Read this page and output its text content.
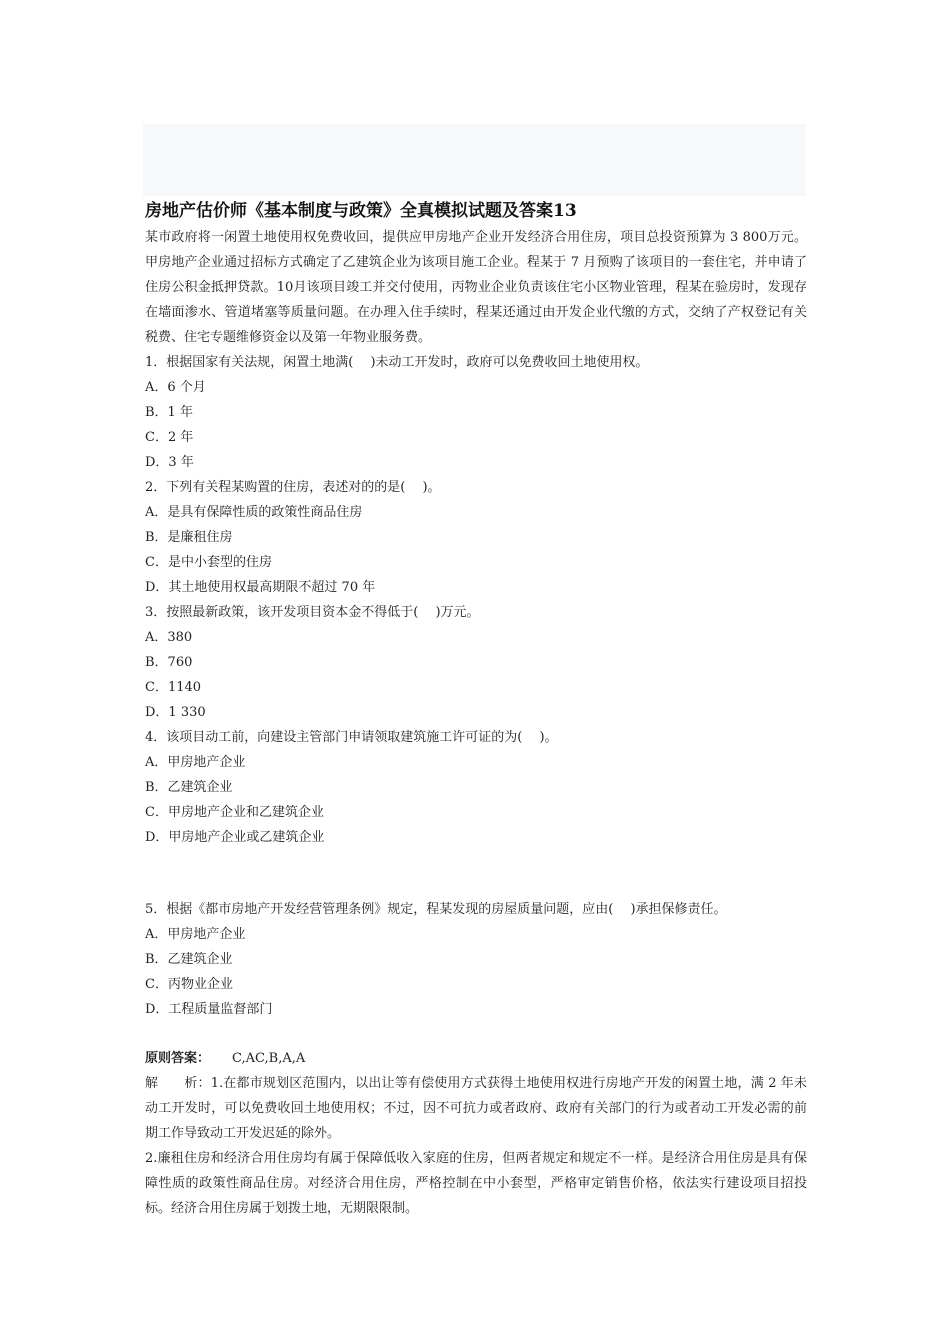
房地产估价师《基本制度与政策》全真模拟试题及答案13

某市政府将一闲置土地使用权免费收回，提供应甲房地产企业开发经济合用住房，项目总投资预算为 3 800万元。甲房地产企业通过招标方式确定了乙建筑企业为该项目施工企业。程某于 7 月预购了该项目的一套住宅，并申请了住房公积金抵押贷款。10月该项目竣工并交付使用，丙物业企业负责该住宅小区物业管理，程某在验房时，发现存在墙面渗水、管道堵塞等质量问题。在办理入住手续时，程某还通过由开发企业代缴的方式，交纳了产权登记有关税费、住宅专题维修资金以及第一年物业服务费。

1．根据国家有关法规，闲置土地满(  )未动工开发时，政府可以免费收回土地使用权。

A．6 个月

B．1 年

C．2 年

D．3 年

2．下列有关程某购置的住房，表述对的的是(  )。

A．是具有保障性质的政策性商品住房

B．是廉租住房

C．是中小套型的住房

D．其土地使用权最高期限不超过 70 年

3．按照最新政策，该开发项目资本金不得低于(  )万元。

A．380

B．760

C．1140

D．1 330

4．该项目动工前，向建设主管部门申请领取建筑施工许可证的为(  )。

A．甲房地产企业

B．乙建筑企业

C．甲房地产企业和乙建筑企业

D．甲房地产企业或乙建筑企业

5．根据《都市房地产开发经营管理条例》规定，程某发现的房屋质量问题，应由(  )承担保修责任。

A．甲房地产企业

B．乙建筑企业

C．丙物业企业

D．工程质量监督部门

原则答案： C,AC,B,A,A

解  析：1.在都市规划区范围内，以出让等有偿使用方式获得土地使用权进行房地产开发的闲置土地，满 2 年未动工开发时，可以免费收回土地使用权；不过，因不可抗力或者政府、政府有关部门的行为或者动工开发必需的前期工作导致动工开发迟延的除外。

2.廉租住房和经济合用住房均有属于保障低收入家庭的住房，但两者规定和规定不一样。是经济合用住房是具有保障性质的政策性商品住房。对经济合用住房，严格控制在中小套型，严格审定销售价格，依法实行建设项目招投标。经济合用住房属于划拨土地，无期限限制。
